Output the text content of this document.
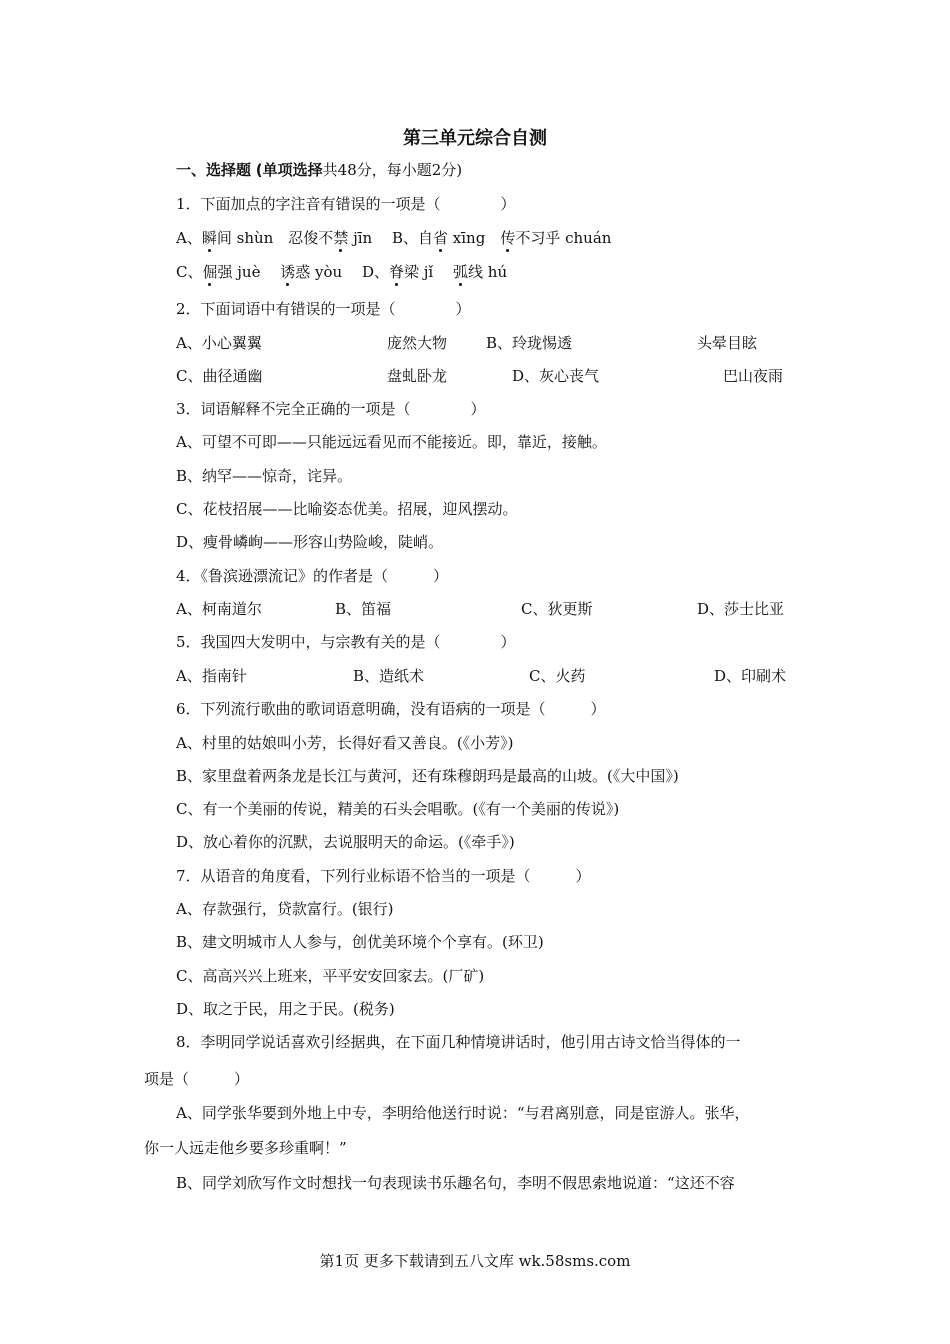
第三单元综合自测
一、选择题 (单项选择共48分，每小题2分)
1．下面加点的字注音有错误的一项是（　　　　）
A、瞬间 shùn　忍俊不禁 jīn　 B、自省 xīng　传不习乎 chuán
C、倔强 juè　 诱惑 yòu　 D、脊梁 jǐ　 弧线 hú
2．下面词语中有错误的一项是（　　　　）
A、小心翼翼	庞然大物	B、玲珑惕透	头晕目眩
C、曲径通幽	盘虬卧龙	D、灰心丧气	巴山夜雨
3．词语解释不完全正确的一项是（　　　　）
A、可望不可即——只能远远看见而不能接近。即，靠近，接触。
B、纳罕——惊奇，诧异。
C、花枝招展——比喻姿态优美。招展，迎风摆动。
D、瘦骨嶙峋——形容山势险峻，陡峭。
4．《鲁滨逊漂流记》的作者是（　　　）
A、柯南道尔	B、笛福	C、狄更斯	D、莎士比亚
5．我国四大发明中，与宗教有关的是（　　　　）
A、指南针	B、造纸术	C、火药	D、印刷术
6．下列流行歌曲的歌词语意明确，没有语病的一项是（　　　）
A、村里的姑娘叫小芳，长得好看又善良。(《小芳》)
B、家里盘着两条龙是长江与黄河，还有珠穆朗玛是最高的山坡。(《大中国》)
C、有一个美丽的传说，精美的石头会唱歌。(《有一个美丽的传说》)
D、放心着你的沉默，去说服明天的命运。(《牵手》)
7．从语音的角度看，下列行业标语不恰当的一项是（　　　）
A、存款强行，贷款富行。(银行)
B、建文明城市人人参与，创优美环境个个享有。(环卫)
C、高高兴兴上班来，平平安安回家去。(厂矿)
D、取之于民，用之于民。(税务)
8．李明同学说话喜欢引经据典，在下面几种情境讲话时，他引用古诗文恰当得体的一
项是（　　　）
A、同学张华要到外地上中专，李明给他送行时说：“与君离别意，同是宦游人。张华，
你一人远走他乡要多珍重啊！”
B、同学刘欣写作文时想找一句表现读书乐趣名句，李明不假思索地说道：“这还不容
第1页 更多下载请到五八文库 wk.58sms.com
